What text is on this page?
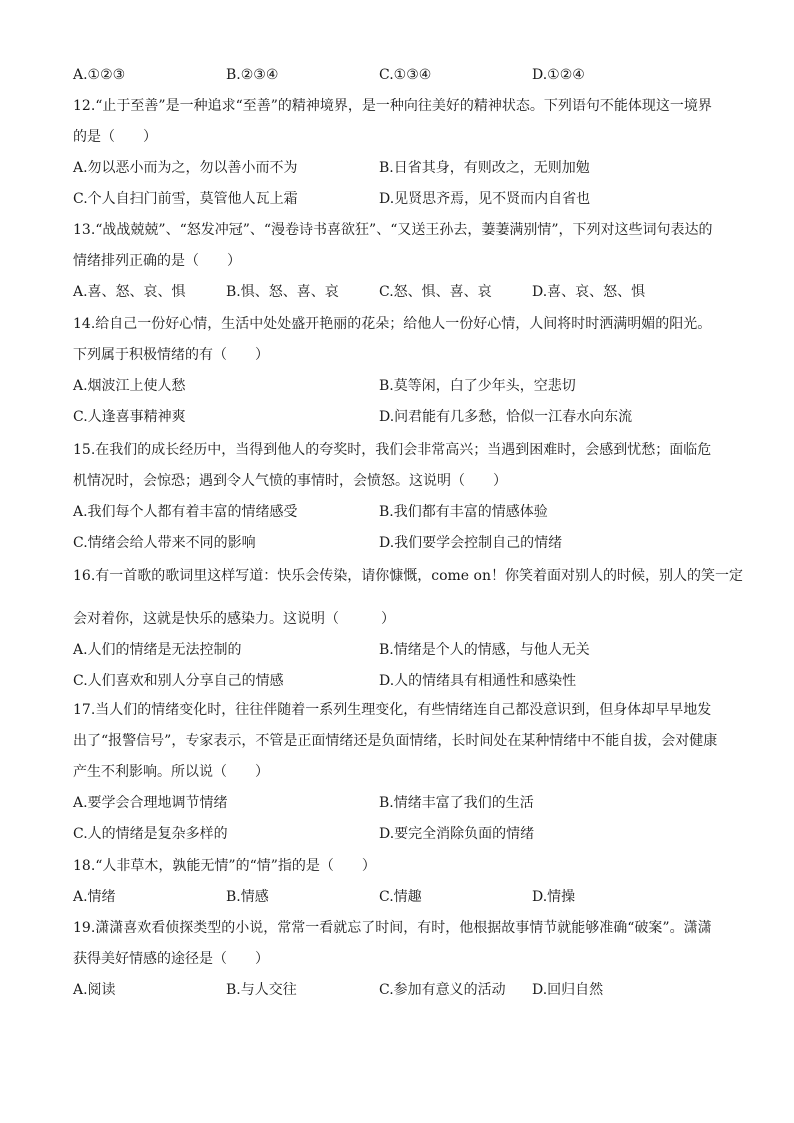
A.①②③	B.②③④	C.①③④	D.①②④

12.“止于至善”是一种追求“至善”的精神境界，是一种向往美好的精神状态。下列语句不能体现这一境界的是（　　）

A.勿以恶小而为之，勿以善小而不为	B.日省其身，有则改之，无则加勉
C.个人自扫门前雪，莫管他人瓦上霜	D.见贤思齐焉，见不贤而内自省也

13.“战战兢兢”、“怒发冲冠”、“漫卷诗书喜欲狂”、“又送王孙去，萋萋满别情”，下列对这些词句表达的情绪排列正确的是（　　）

A.喜、怒、哀、惧	B.惧、怒、喜、哀	C.怒、惧、喜、哀	D.喜、哀、怒、惧

14.给自己一份好心情，生活中处处盛开艳丽的花朵；给他人一份好心情，人间将时时洒满明媚的阳光。下列属于积极情绪的有（　　）

A.烟波江上使人愁	B.莫等闲，白了少年头，空悲切
C.人逢喜事精神爽	D.问君能有几多愁，恰似一江春水向东流

15.在我们的成长经历中，当得到他人的夸奖时，我们会非常高兴；当遇到困难时，会感到忧愁；面临危机情况时，会惊恐；遇到令人气愤的事情时，会愤怒。这说明（　　）

A.我们每个人都有着丰富的情绪感受	B.我们都有丰富的情感体验
C.情绪会给人带来不同的影响	D.我们要学会控制自己的情绪

16.有一首歌的歌词里这样写道：快乐会传染，请你慷慨，come on！你笑着面对别人的时候，别人的笑一定

会对着你，这就是快乐的感染力。这说明（　　　）

A.人们的情绪是无法控制的	B.情绪是个人的情感，与他人无关
C.人们喜欢和别人分享自己的情感	D.人的情绪具有相通性和感染性

17.当人们的情绪变化时，往往伴随着一系列生理变化，有些情绪连自己都没意识到，但身体却早早地发出了“报警信号”，专家表示，不管是正面情绪还是负面情绪，长时间处在某种情绪中不能自拔，会对健康产生不利影响。所以说（　　）

A.要学会合理地调节情绪	B.情绪丰富了我们的生活
C.人的情绪是复杂多样的	D.要完全消除负面的情绪

18.“人非草木，孰能无情”的“情”指的是（　　）

A.情绪	B.情感	C.情趣	D.情操

19.潇潇喜欢看侦探类型的小说，常常一看就忘了时间，有时，他根据故事情节就能够准确“破案”。潇潇获得美好情感的途径是（　　）

A.阅读	B.与人交往	C.参加有意义的活动	D.回归自然
